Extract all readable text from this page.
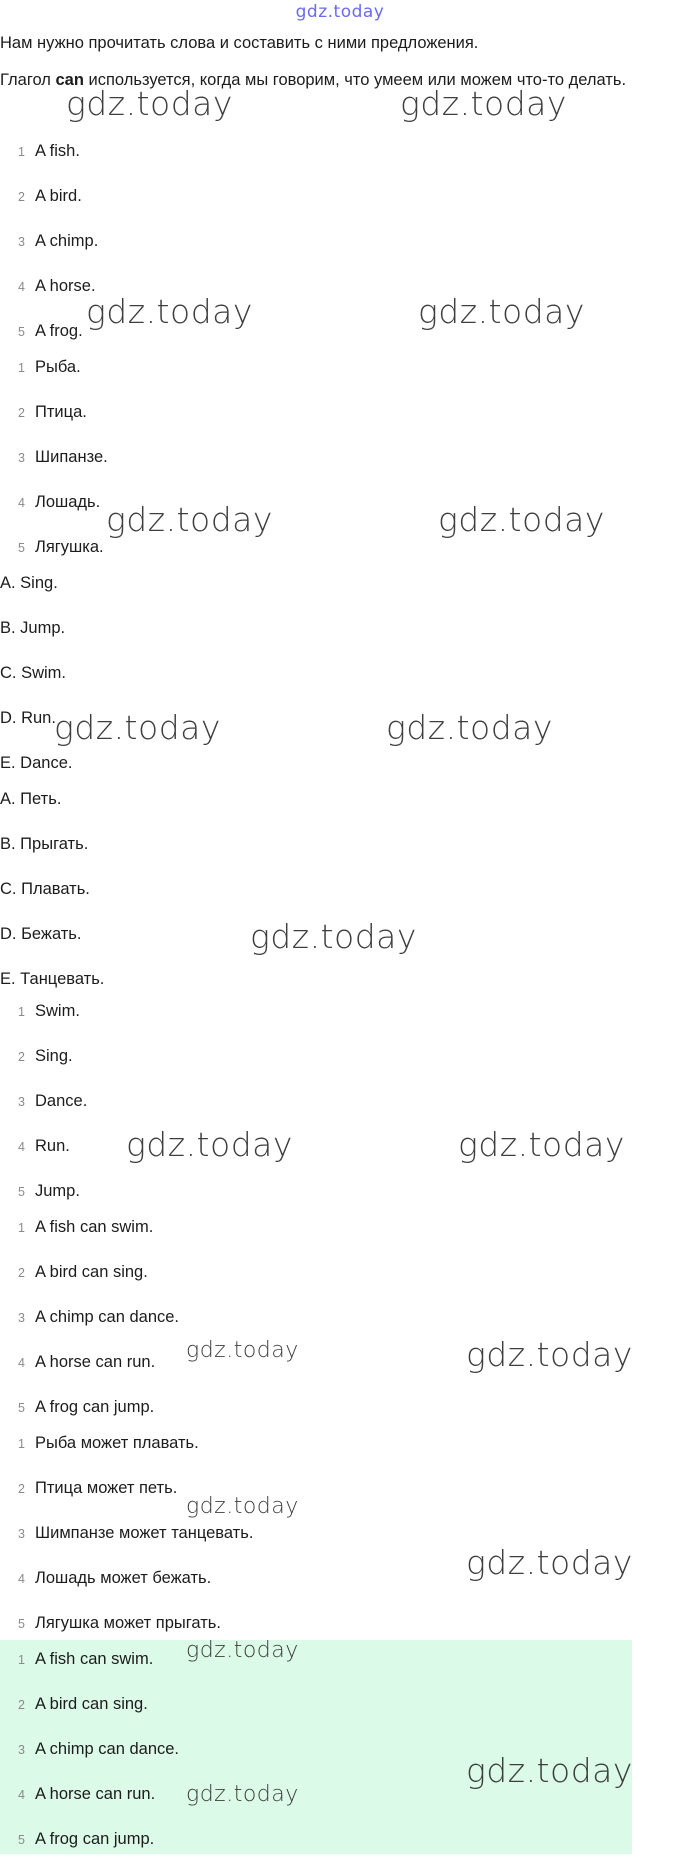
gdz.today
Нам нужно прочитать слова и составить с ними предложения.
Глагол can используется, когда мы говорим, что умеем или можем что-то делать.
1 A fish.
2 A bird.
3 A chimp.
4 A horse.
5 A frog.
1 Рыба.
2 Птица.
3 Шипанзе.
4 Лошадь.
5 Лягушка.
A. Sing.
B. Jump.
C. Swim.
D. Run.
E. Dance.
A. Петь.
B. Прыгать.
C. Плавать.
D. Бежать.
E. Танцевать.
1 Swim.
2 Sing.
3 Dance.
4 Run.
5 Jump.
1 A fish can swim.
2 A bird can sing.
3 A chimp can dance.
4 A horse can run.
5 A frog can jump.
1 Рыба может плавать.
2 Птица может петь.
3 Шимпанзе может танцевать.
4 Лошадь может бежать.
5 Лягушка может прыгать.
1 A fish can swim.
2 A bird can sing.
3 A chimp can dance.
4 A horse can run.
5 A frog can jump.
gdz.today	gdz.today
gdz.today	gdz.today
gdz.today	gdz.today
gdz.today	gdz.today
gdz.today
gdz.today	gdz.today
gdz.today	gdz.today
gdz.today
gdz.today
gdz.today
gdz.today
gdz.today
